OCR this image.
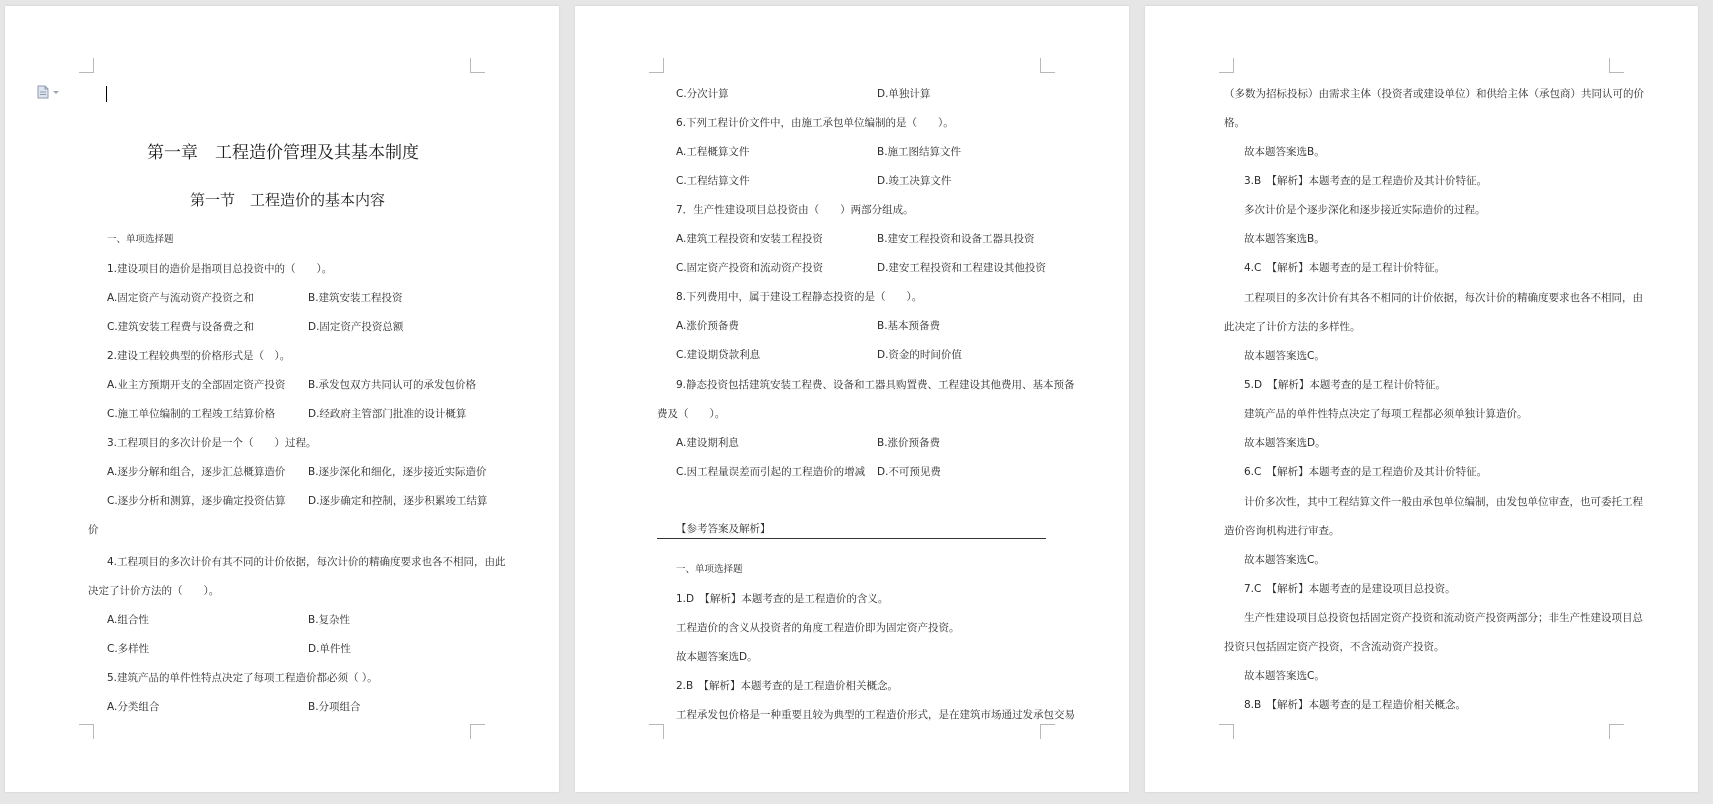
第一章　工程造价管理及其基本制度
第一节　工程造价的基本内容
一、单项选择题
1.建设项目的造价是指项目总投资中的（　　）。
A.固定资产与流动资产投资之和	B.建筑安装工程投资
C.建筑安装工程费与设备费之和	D.固定资产投资总额
2.建设工程较典型的价格形式是（　）。
A.业主方预期开支的全部固定资产投资 B.承发包双方共同认可的承发包价格
C.施工单位编制的工程竣工结算价格	D.经政府主管部门批准的设计概算
3.工程项目的多次计价是一个（　　）过程。
A.逐步分解和组合，逐步汇总概算造价 B.逐步深化和细化，逐步接近实际造价
C.逐步分析和测算，逐步确定投资估算 D.逐步确定和控制，逐步积累竣工结算
价
4.工程项目的多次计价有其不同的计价依据，每次计价的精确度要求也各不相同，由此
决定了计价方法的（　　）。
A.组合性	B.复杂性
C.多样性	D.单件性
5.建筑产品的单件性特点决定了每项工程造价都必须（ ）。
A.分类组合	B.分项组合
C.分次计算	D.单独计算
6.下列工程计价文件中，由施工承包单位编制的是（　　）。
A.工程概算文件	B.施工图结算文件
C.工程结算文件	D.竣工决算文件
7．生产性建设项目总投资由（　　）两部分组成。
A.建筑工程投资和安装工程投资	B.建安工程投资和设备工器具投资
C.固定资产投资和流动资产投资	D.建安工程投资和工程建设其他投资
8.下列费用中，属于建设工程静态投资的是（　　）。
A.涨价预备费	B.基本预备费
C.建设期贷款利息	D.资金的时间价值
9.静态投资包括建筑安装工程费、设备和工器具购置费、工程建设其他费用、基本预备
费及（　　）。
A.建设期利息	B.涨价预备费
C.因工程量误差而引起的工程造价的增减 D.不可预见费
【参考答案及解析】
一、单项选择题
1.D　【解析】本题考查的是工程造价的含义。
工程造价的含义从投资者的角度工程造价即为固定资产投资。
故本题答案选D。
2.B　【解析】本题考查的是工程造价相关概念。
工程承发包价格是一种重要且较为典型的工程造价形式，是在建筑市场通过发承包交易
（多数为招标投标）由需求主体（投资者或建设单位）和供给主体（承包商）共同认可的价
格。
故本题答案选B。
3.B　【解析】本题考查的是工程造价及其计价特征。
多次计价是个逐步深化和逐步接近实际造价的过程。
故本题答案选B。
4.C　【解析】本题考查的是工程计价特征。
工程项目的多次计价有其各不相同的计价依据，每次计价的精确度要求也各不相同，由
此决定了计价方法的多样性。
故本题答案选C。
5.D　【解析】本题考查的是工程计价特征。
建筑产品的单件性特点决定了每项工程都必须单独计算造价。
故本题答案选D。
6.C　【解析】本题考查的是工程造价及其计价特征。
计价多次性，其中工程结算文件一般由承包单位编制，由发包单位审查，也可委托工程
造价咨询机构进行审查。
故本题答案选C。
7.C　【解析】本题考查的是建设项目总投资。
生产性建设项目总投资包括固定资产投资和流动资产投资两部分；非生产性建设项目总
投资只包括固定资产投资，不含流动资产投资。
故本题答案选C。
8.B　【解析】本题考查的是工程造价相关概念。
